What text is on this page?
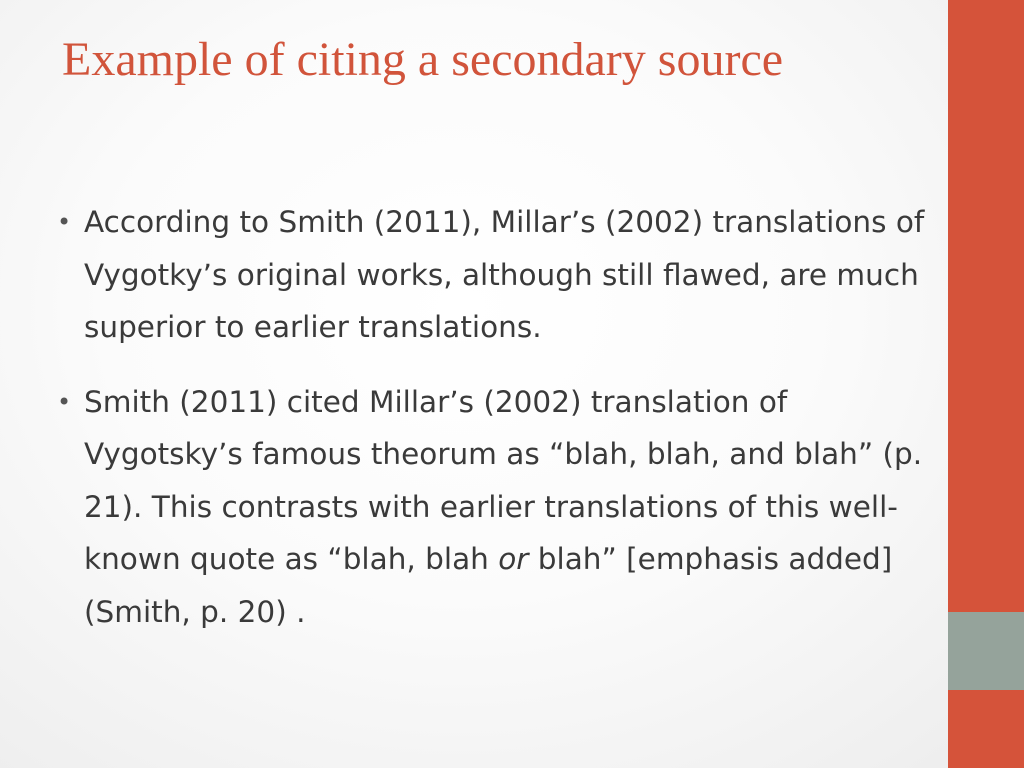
Example of citing a secondary source
• According to Smith (2011), Millar’s (2002) translations of Vygotky’s original works, although still flawed, are much superior to earlier translations.
• Smith (2011) cited Millar’s (2002) translation of Vygotsky’s famous theorum as “blah, blah, and blah” (p. 21). This contrasts with earlier translations of this well-known quote as “blah, blah or blah” [emphasis added] (Smith, p. 20) .
